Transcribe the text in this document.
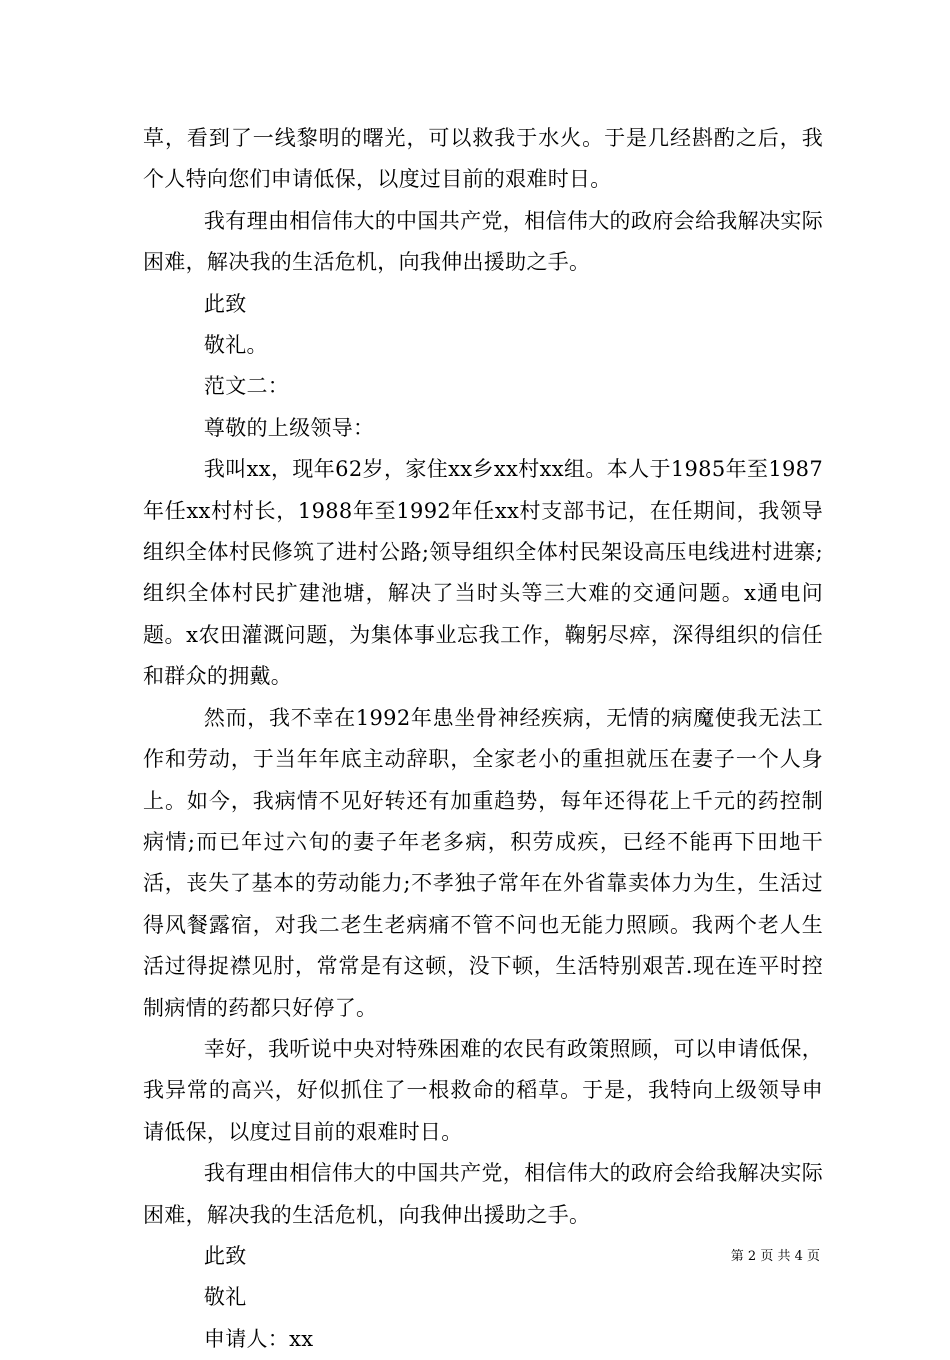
草，看到了一线黎明的曙光，可以救我于水火。于是几经斟酌之后，我个人特向您们申请低保，以度过目前的艰难时日。

我有理由相信伟大的中国共产党，相信伟大的政府会给我解决实际困难，解决我的生活危机，向我伸出援助之手。

此致

敬礼。

范文二：

尊敬的上级领导：

我叫xx，现年62岁，家住xx乡xx村xx组。本人于1985年至1987年任xx村村长，1988年至1992年任xx村支部书记，在任期间，我领导组织全体村民修筑了进村公路;领导组织全体村民架设高压电线进村进寨;组织全体村民扩建池塘，解决了当时头等三大难的交通问题。x通电问题。x农田灌溉问题，为集体事业忘我工作，鞠躬尽瘁，深得组织的信任和群众的拥戴。

然而，我不幸在1992年患坐骨神经疾病，无情的病魔使我无法工作和劳动，于当年年底主动辞职，全家老小的重担就压在妻子一个人身上。如今，我病情不见好转还有加重趋势，每年还得花上千元的药控制病情;而已年过六旬的妻子年老多病，积劳成疾，已经不能再下田地干活，丧失了基本的劳动能力;不孝独子常年在外省靠卖体力为生，生活过得风餐露宿，对我二老生老病痛不管不问也无能力照顾。我两个老人生活过得捉襟见肘，常常是有这顿，没下顿，生活特别艰苦.现在连平时控制病情的药都只好停了。

幸好，我听说中央对特殊困难的农民有政策照顾，可以申请低保，我异常的高兴，好似抓住了一根救命的稻草。于是，我特向上级领导申请低保，以度过目前的艰难时日。

我有理由相信伟大的中国共产党，相信伟大的政府会给我解决实际困难，解决我的生活危机，向我伸出援助之手。

此致

敬礼

申请人：xx

第 2 页 共 4 页
